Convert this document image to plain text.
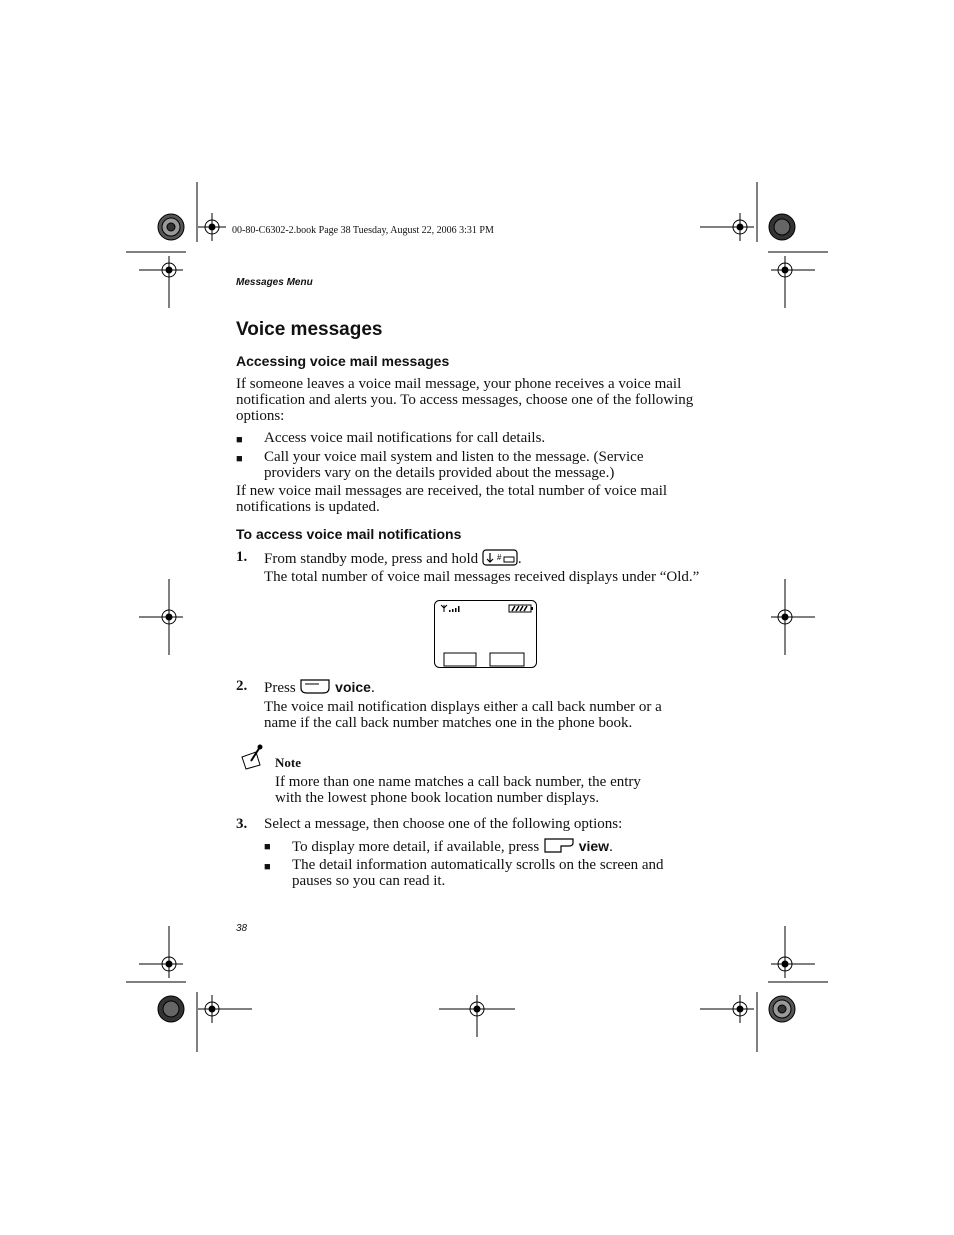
00-80-C6302-2.book Page 38 Tuesday, August 22, 2006 3:31 PM
Messages Menu
Voice messages
Accessing voice mail messages
If someone leaves a voice mail message, your phone receives a voice mail
notification and alerts you. To access messages, choose one of the following
options:
■ Access voice mail notifications for call details.
■ Call your voice mail system and listen to the message. (Service
providers vary on the details provided about the message.)
If new voice mail messages are received, the total number of voice mail
notifications is updated.
To access voice mail notifications
1. From standby mode, press and hold # .
The total number of voice mail messages received displays under “Old.”
2. Press	voice.
The voice mail notification displays either a call back number or a
name if the call back number matches one in the phone book.
Note
If more than one name matches a call back number, the entry
with the lowest phone book location number displays.
3. Select a message, then choose one of the following options:
■ To display more detail, if available, press	view.
■ The detail information automatically scrolls on the screen and
pauses so you can read it.
38
